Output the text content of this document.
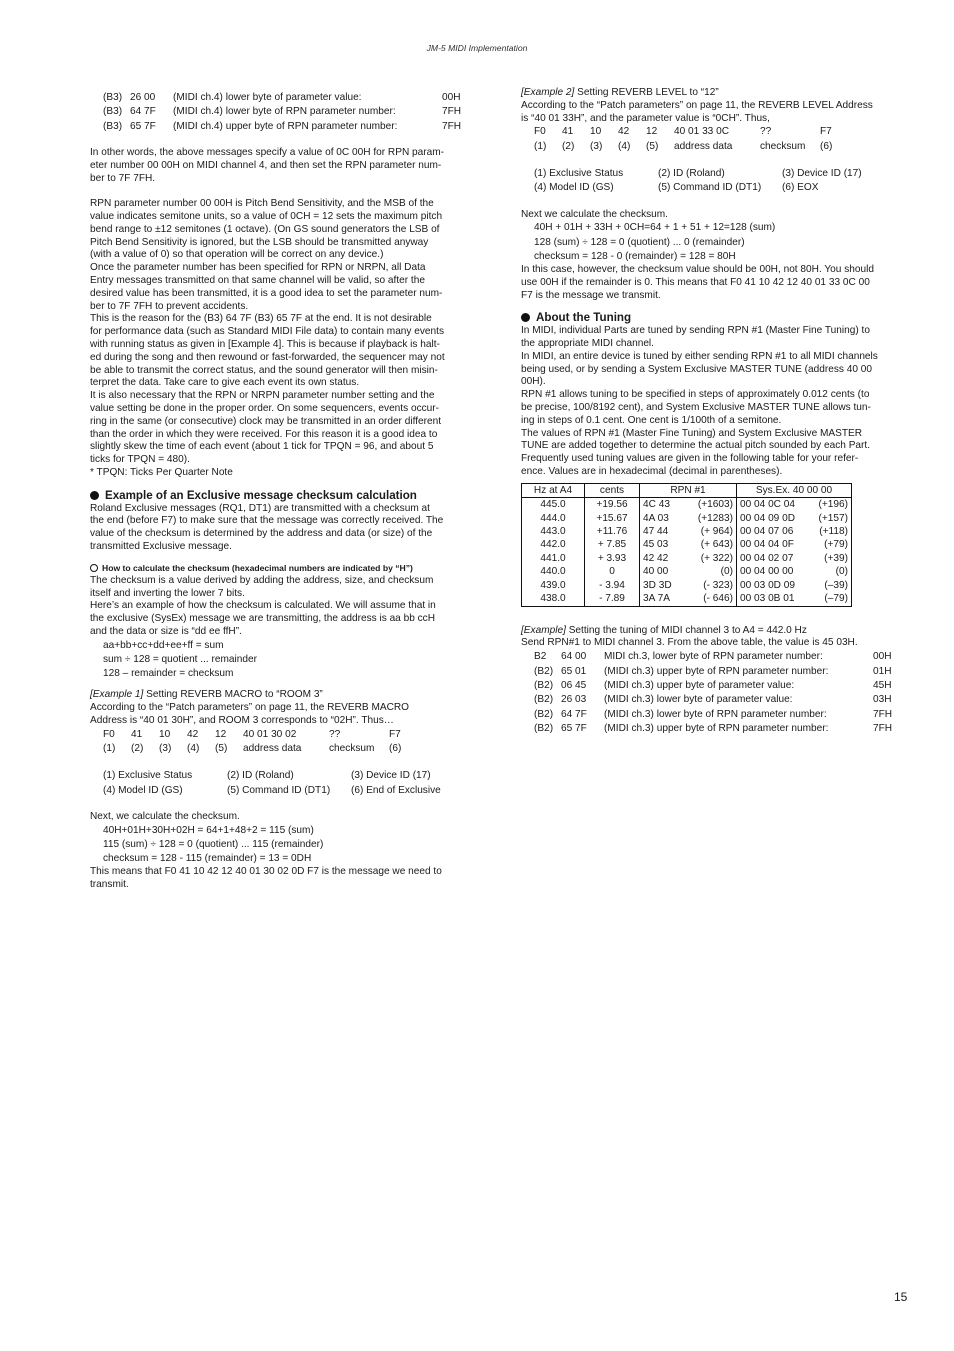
JM-5 MIDI Implementation
(B3) 26 00	(MIDI ch.4) lower byte of parameter value:	00H
(B3) 64 7F	(MIDI ch.4) lower byte of RPN parameter number:	7FH
(B3) 65 7F	(MIDI ch.4) upper byte of RPN parameter number:	7FH

In other words, the above messages specify a value of 0C 00H for RPN param-

eter number 00 00H on MIDI channel 4, and then set the RPN parameter num-

ber to 7F 7FH.

RPN parameter number 00 00H is Pitch Bend Sensitivity, and the MSB of the

value indicates semitone units, so a value of 0CH = 12 sets the maximum pitch

bend range to ±12 semitones (1 octave). (On GS sound generators the LSB of

Pitch Bend Sensitivity is ignored, but the LSB should be transmitted anyway

(with a value of 0) so that operation will be correct on any device.)

Once the parameter number has been specified for RPN or NRPN, all Data

Entry messages transmitted on that same channel will be valid, so after the

desired value has been transmitted, it is a good idea to set the parameter num-

ber to 7F 7FH to prevent accidents.

This is the reason for the (B3) 64 7F (B3) 65 7F at the end. It is not desirable

for performance data (such as Standard MIDI File data) to contain many events

with running status as given in [Example 4]. This is because if playback is halt-

ed during the song and then rewound or fast-forwarded, the sequencer may not

be able to transmit the correct status, and the sound generator will then misin-

terpret the data. Take care to give each event its own status.

It is also necessary that the RPN or NRPN parameter number setting and the

value setting be done in the proper order. On some sequencers, events occur-

ring in the same (or consecutive) clock may be transmitted in an order different

than the order in which they were received. For this reason it is a good idea to

slightly skew the time of each event (about 1 tick for TPQN = 96, and about 5

ticks for TPQN = 480).

* TPQN: Ticks Per Quarter Note

Example of an Exclusive message checksum calculation

Roland Exclusive messages (RQ1, DT1) are transmitted with a checksum at

the end (before F7) to make sure that the message was correctly received. The

value of the checksum is determined by the address and data (or size) of the

transmitted Exclusive message.

How to calculate the checksum (hexadecimal numbers are indicated by “H”)

The checksum is a value derived by adding the address, size, and checksum

itself and inverting the lower 7 bits.

Here’s an example of how the checksum is calculated. We will assume that in

the exclusive (SysEx) message we are transmitting, the address is aa bb ccH

and the data or size is “dd ee ffH”.

aa+bb+cc+dd+ee+ff = sum
sum ÷ 128 = quotient ... remainder
128 – remainder = checksum

[Example 1] Setting REVERB MACRO to “ROOM 3”

According to the “Patch parameters” on page 11, the REVERB MACRO

Address is “40 01 30H”, and ROOM 3 corresponds to “02H”. Thus…

F0	41	10	42	12	40 01 30 02	??	F7
(1)	(2)	(3)	(4)	(5)	address data	checksum	(6)
(1) Exclusive Status	(2) ID (Roland)	(3) Device ID (17)
(4) Model ID (GS)	(5) Command ID (DT1)	(6) End of Exclusive

Next, we calculate the checksum.

40H+01H+30H+02H = 64+1+48+2 = 115 (sum)
115 (sum) ÷ 128 = 0 (quotient) ... 115 (remainder)
checksum = 128 - 115 (remainder) = 13 = 0DH

This means that F0 41 10 42 12 40 01 30 02 0D F7 is the message we need to

transmit.

[Example 2] Setting REVERB LEVEL to “12”

According to the “Patch parameters” on page 11, the REVERB LEVEL Address

is “40 01 33H”, and the parameter value is “0CH”. Thus,

F0	41	10	42	12	40 01 33 0C	??	F7
(1)	(2)	(3)	(4)	(5)	address data	checksum	(6)
(1) Exclusive Status	(2) ID (Roland)	(3) Device ID (17)
(4) Model ID (GS)	(5) Command ID (DT1)	(6) EOX

Next we calculate the checksum.

40H + 01H + 33H + 0CH=64 + 1 + 51 + 12=128 (sum)
128 (sum) ÷ 128 = 0 (quotient) ... 0 (remainder)
checksum = 128 - 0 (remainder) = 128 = 80H

In this case, however, the checksum value should be 00H, not 80H. You should

use 00H if the remainder is 0. This means that F0 41 10 42 12 40 01 33 0C 00

F7 is the message we transmit.

About the Tuning

In MIDI, individual Parts are tuned by sending RPN #1 (Master Fine Tuning) to

the appropriate MIDI channel.

In MIDI, an entire device is tuned by either sending RPN #1 to all MIDI channels

being used, or by sending a System Exclusive MASTER TUNE (address 40 00

00H).

RPN #1 allows tuning to be specified in steps of approximately 0.012 cents (to

be precise, 100/8192 cent), and System Exclusive MASTER TUNE allows tun-

ing in steps of 0.1 cent. One cent is 1/100th of a semitone.

The values of RPN #1 (Master Fine Tuning) and System Exclusive MASTER

TUNE are added together to determine the actual pitch sounded by each Part.

Frequently used tuning values are given in the following table for your refer-

ence. Values are in hexadecimal (decimal in parentheses).

Hz at A4	cents	RPN #1		Sys.Ex. 40 00 00	
445.0	+19.56	4C 43	(+1603)	00 04 0C 04	(+196)
444.0	+15.67	4A 03	(+1283)	00 04 09 0D	(+157)
443.0	+11.76	47 44	(+ 964)	00 04 07 06	(+118)
442.0	+ 7.85	45 03	(+ 643)	00 04 04 0F	(+79)
441.0	+ 3.93	42 42	(+ 322)	00 04 02 07	(+39)
440.0	0	40 00	(0)	00 04 00 00	(0)
439.0	- 3.94	3D 3D	(- 323)	00 03 0D 09	(–39)
438.0	- 7.89	3A 7A	(- 646)	00 03 0B 01	(–79)

[Example] Setting the tuning of MIDI channel 3 to A4 = 442.0 Hz

Send RPN#1 to MIDI channel 3. From the above table, the value is 45 03H.

B2	64 00	MIDI ch.3, lower byte of RPN parameter number:	00H
(B2) 65 01	(MIDI ch.3) upper byte of RPN parameter number:	01H
(B2) 06 45	(MIDI ch.3) upper byte of parameter value:	45H
(B2) 26 03	(MIDI ch.3) lower byte of parameter value:	03H
(B2) 64 7F	(MIDI ch.3) lower byte of RPN parameter number:	7FH
(B2) 65 7F	(MIDI ch.3) upper byte of RPN parameter number:	7FH
15
